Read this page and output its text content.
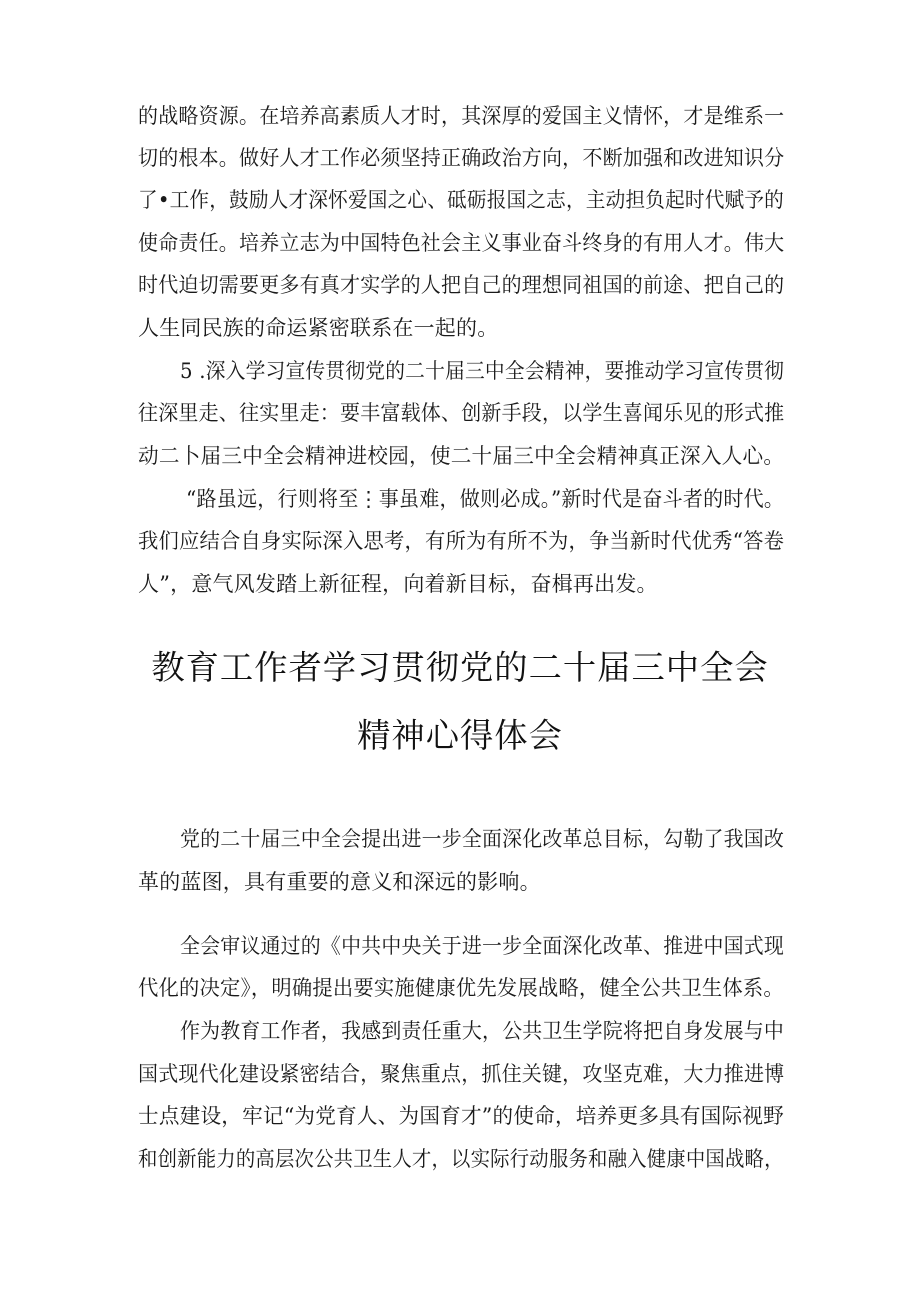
的战略资源。在培养高素质人才时，其深厚的爱国主义情怀，才是维系一
切的根本。做好人才工作必须坚持正确政治方向，不断加强和改进知识分
了•工作，鼓励人才深怀爱国之心、砥砺报国之志，主动担负起时代赋予的
使命责任。培养立志为中国特色社会主义事业奋斗终身的有用人才。伟大
时代迫切需要更多有真才实学的人把自己的理想同祖国的前途、把自己的
人生同民族的命运紧密联系在一起的。
5 .深入学习宣传贯彻党的二十届三中全会精神，要推动学习宣传贯彻
往深里走、往实里走：要丰富载体、创新手段，以学生喜闻乐见的形式推
动二卜届三中全会精神进校园，使二十届三中全会精神真正深入人心。
“路虽远，行则将至⋮事虽难，做则必成。”新时代是奋斗者的时代。
我们应结合自身实际深入思考，有所为有所不为，争当新时代优秀“答卷
人”，意气风发踏上新征程，向着新目标，奋楫再出发。
教育工作者学习贯彻党的二十届三中全会
精神心得体会
党的二十届三中全会提出进一步全面深化改革总目标，勾勒了我国改
革的蓝图，具有重要的意义和深远的影响。
全会审议通过的《中共中央关于进一步全面深化改革、推进中国式现
代化的决定》，明确提出要实施健康优先发展战略，健全公共卫生体系。
作为教育工作者，我感到责任重大，公共卫生学院将把自身发展与中
国式现代化建设紧密结合，聚焦重点，抓住关键，攻坚克难，大力推进博
士点建设，牢记“为党育人、为国育才”的使命，培养更多具有国际视野
和创新能力的高层次公共卫生人才，以实际行动服务和融入健康中国战略，
